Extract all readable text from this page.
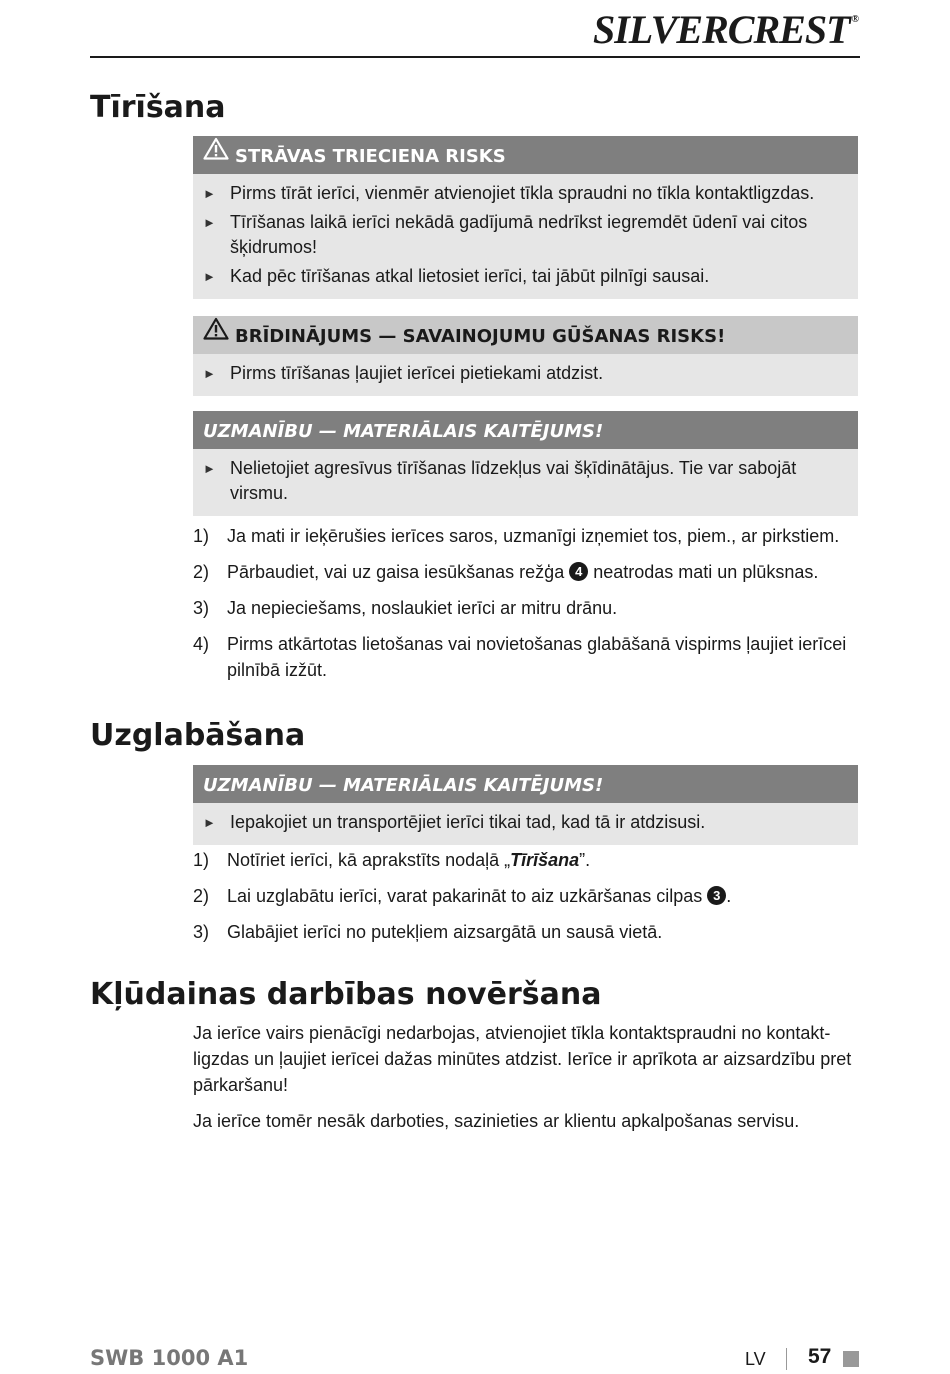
SILVERCREST ®
Tīrīšana
STRĀVAS TRIECIENA RISKS
► Pirms tīrāt ierīci, vienmēr atvienojiet tīkla spraudni no tīkla kontaktligzdas.
► Tīrīšanas laikā ierīci nekādā gadījumā nedrīkst iegremdēt ūdenī vai citos šķidrumos!
► Kad pēc tīrīšanas atkal lietosiet ierīci, tai jābūt pilnīgi sausai.
BRĪDINĀJUMS — SAVAINOJUMU GŪŠANAS RISKS!
► Pirms tīrīšanas ļaujiet ierīcei pietiekami atdzist.
UZMANĪBU — MATERIĀLAIS KAITĒJUMS!
► Nelietojiet agresīvus tīrīšanas līdzekļus vai šķīdinātājus. Tie var sabojāt virsmu.
1) Ja mati ir ieķērušies ierīces saros, uzmanīgi izņemiet tos, piem., ar pirkstiem.
2) Pārbaudiet, vai uz gaisa iesūkšanas režģa 4 neatrodas mati un plūksnas.
3) Ja nepieciešams, noslaukiet ierīci ar mitru drānu.
4) Pirms atkārtotas lietošanas vai novietošanas glabāšanā vispirms ļaujiet ierīcei pilnībā izžūt.
Uzglabāšana
UZMANĪBU — MATERIĀLAIS KAITĒJUMS!
► Iepakojiet un transportējiet ierīci tikai tad, kad tā ir atdzisusi.
1) Notīriet ierīci, kā aprakstīts nodaļā „Tīrīšana”.
2) Lai uzglabātu ierīci, varat pakarināt to aiz uzkāršanas cilpas 3 .
3) Glabājiet ierīci no putekļiem aizsargātā un sausā vietā.
Kļūdainas darbības novēršana

Ja ierīce vairs pienācīgi nedarbojas, atvienojiet tīkla kontaktspraudni no kontaktligzdas un ļaujiet ierīcei dažas minūtes atdzist. Ierīce ir aprīkota ar aizsardzību pret pārkaršanu!

Ja ierīce tomēr nesāk darboties, sazinieties ar klientu apkalpošanas servisu.

SWB 1000 A1	LV 57
